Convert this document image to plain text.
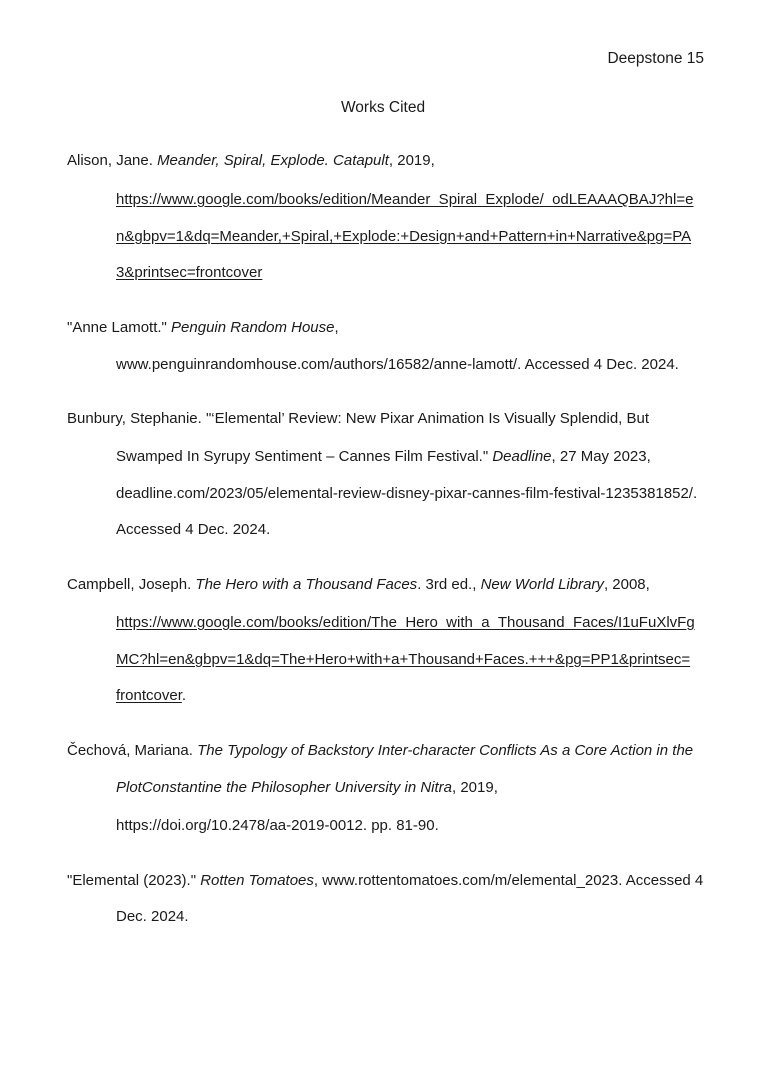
Deepstone 15
Works Cited
Alison, Jane. Meander, Spiral, Explode. Catapult, 2019,
https://www.google.com/books/edition/Meander_Spiral_Explode/_odLEAAAQBAJ?hl=e
n&gbpv=1&dq=Meander,+Spiral,+Explode:+Design+and+Pattern+in+Narrative&pg=PA
3&printsec=frontcover
"Anne Lamott." Penguin Random House,
www.penguinrandomhouse.com/authors/16582/anne-lamott/. Accessed 4 Dec. 2024.
Bunbury, Stephanie. "‘Elemental’ Review: New Pixar Animation Is Visually Splendid, But
Swamped In Syrupy Sentiment – Cannes Film Festival." Deadline, 27 May 2023,
deadline.com/2023/05/elemental-review-disney-pixar-cannes-film-festival-1235381852/.
Accessed 4 Dec. 2024.
Campbell, Joseph. The Hero with a Thousand Faces. 3rd ed., New World Library, 2008,
https://www.google.com/books/edition/The_Hero_with_a_Thousand_Faces/I1uFuXlvFg
MC?hl=en&gbpv=1&dq=The+Hero+with+a+Thousand+Faces.+++&pg=PP1&printsec=
frontcover.
Čechová, Mariana. The Typology of Backstory Inter-character Conflicts As a Core Action in the
PlotConstantine the Philosopher University in Nitra, 2019,
https://doi.org/10.2478/aa-2019-0012. pp. 81-90.
"Elemental (2023)." Rotten Tomatoes, www.rottentomatoes.com/m/elemental_2023. Accessed 4
Dec. 2024.
